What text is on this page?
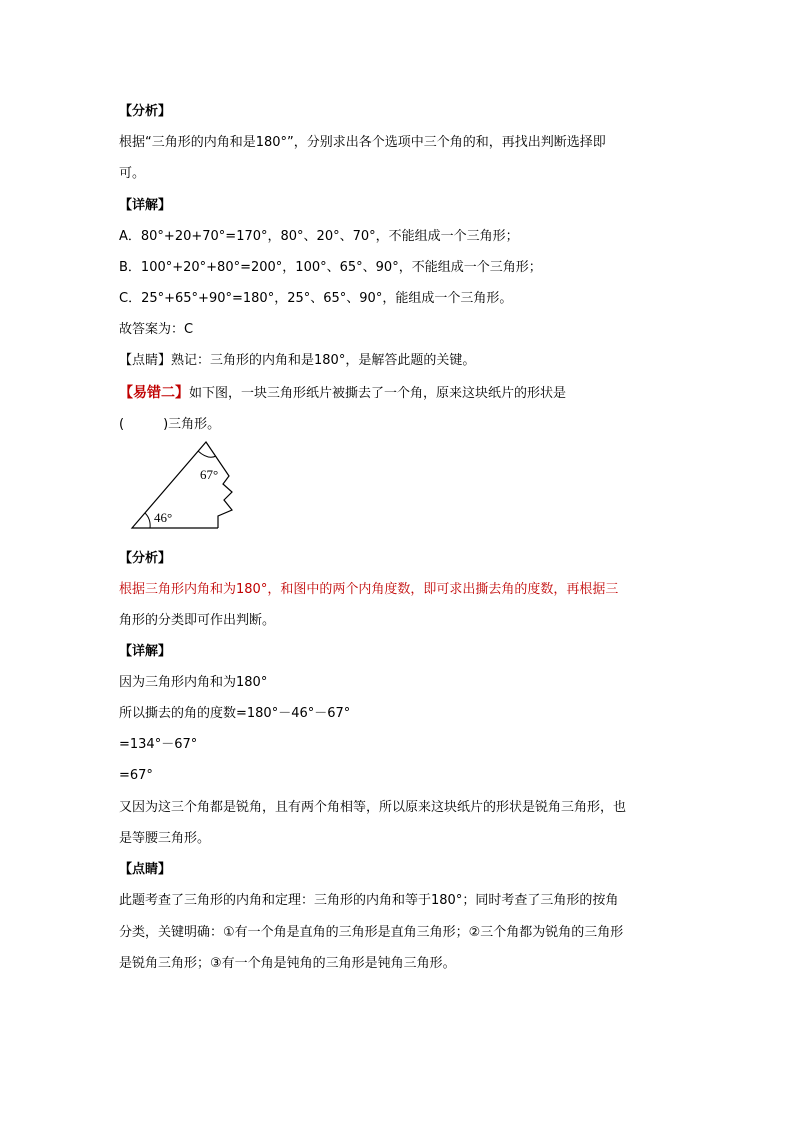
【分析】
根据“三角形的内角和是180°”，分别求出各个选项中三个角的和，再找出判断选择即
可。
【详解】
A．80°+20+70°=170°，80°、20°、70°，不能组成一个三角形；
B．100°+20°+80°=200°，100°、65°、90°，不能组成一个三角形；
C．25°+65°+90°=180°，25°、65°、90°，能组成一个三角形。
故答案为：C
【点睛】熟记：三角形的内角和是180°，是解答此题的关键。
【易错二】如下图，一块三角形纸片被撕去了一个角，原来这块纸片的形状是
(　　　)三角形。
67°
46°
【分析】
根据三角形内角和为180°，和图中的两个内角度数，即可求出撕去角的度数，再根据三
角形的分类即可作出判断。
【详解】
因为三角形内角和为180°
所以撕去的角的度数=180°－46°－67°
=134°－67°
=67°
又因为这三个角都是锐角，且有两个角相等，所以原来这块纸片的形状是锐角三角形，也
是等腰三角形。
【点睛】
此题考查了三角形的内角和定理：三角形的内角和等于180°；同时考查了三角形的按角
分类，关键明确：①有一个角是直角的三角形是直角三角形；②三个角都为锐角的三角形
是锐角三角形；③有一个角是钝角的三角形是钝角三角形。
